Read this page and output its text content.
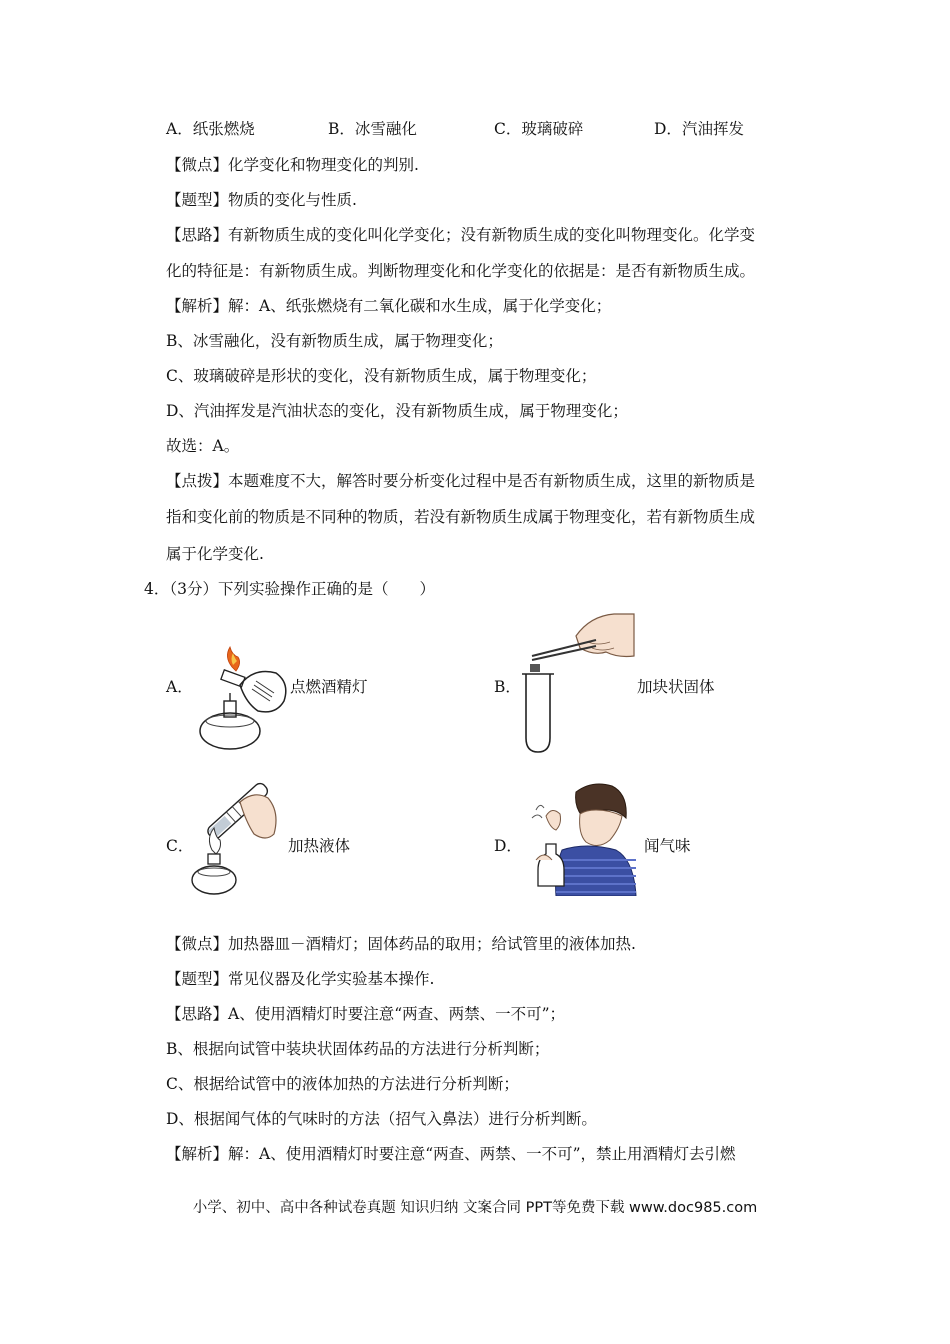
A．纸张燃烧	B．冰雪融化	C．玻璃破碎	D．汽油挥发
【微点】化学变化和物理变化的判别.
【题型】物质的变化与性质.
【思路】有新物质生成的变化叫化学变化；没有新物质生成的变化叫物理变化。化学变
化的特征是：有新物质生成。判断物理变化和化学变化的依据是：是否有新物质生成。
【解析】解：A、纸张燃烧有二氧化碳和水生成，属于化学变化；
B、冰雪融化，没有新物质生成，属于物理变化；
C、玻璃破碎是形状的变化，没有新物质生成，属于物理变化；
D、汽油挥发是汽油状态的变化，没有新物质生成，属于物理变化；
故选：A。
【点拨】本题难度不大，解答时要分析变化过程中是否有新物质生成，这里的新物质是
指和变化前的物质是不同种的物质，若没有新物质生成属于物理变化，若有新物质生成
属于化学变化.
4．（3分）下列实验操作正确的是（　　）
A．	点燃酒精灯	B．	加块状固体
C．	加热液体	D．	闻气味
【微点】加热器皿－酒精灯；固体药品的取用；给试管里的液体加热.
【题型】常见仪器及化学实验基本操作.
【思路】A、使用酒精灯时要注意“两查、两禁、一不可”；
B、根据向试管中装块状固体药品的方法进行分析判断；
C、根据给试管中的液体加热的方法进行分析判断；
D、根据闻气体的气味时的方法（招气入鼻法）进行分析判断。
【解析】解：A、使用酒精灯时要注意“两查、两禁、一不可”，禁止用酒精灯去引燃
小学、初中、高中各种试卷真题 知识归纳 文案合同 PPT等免费下载 www.doc985.com
